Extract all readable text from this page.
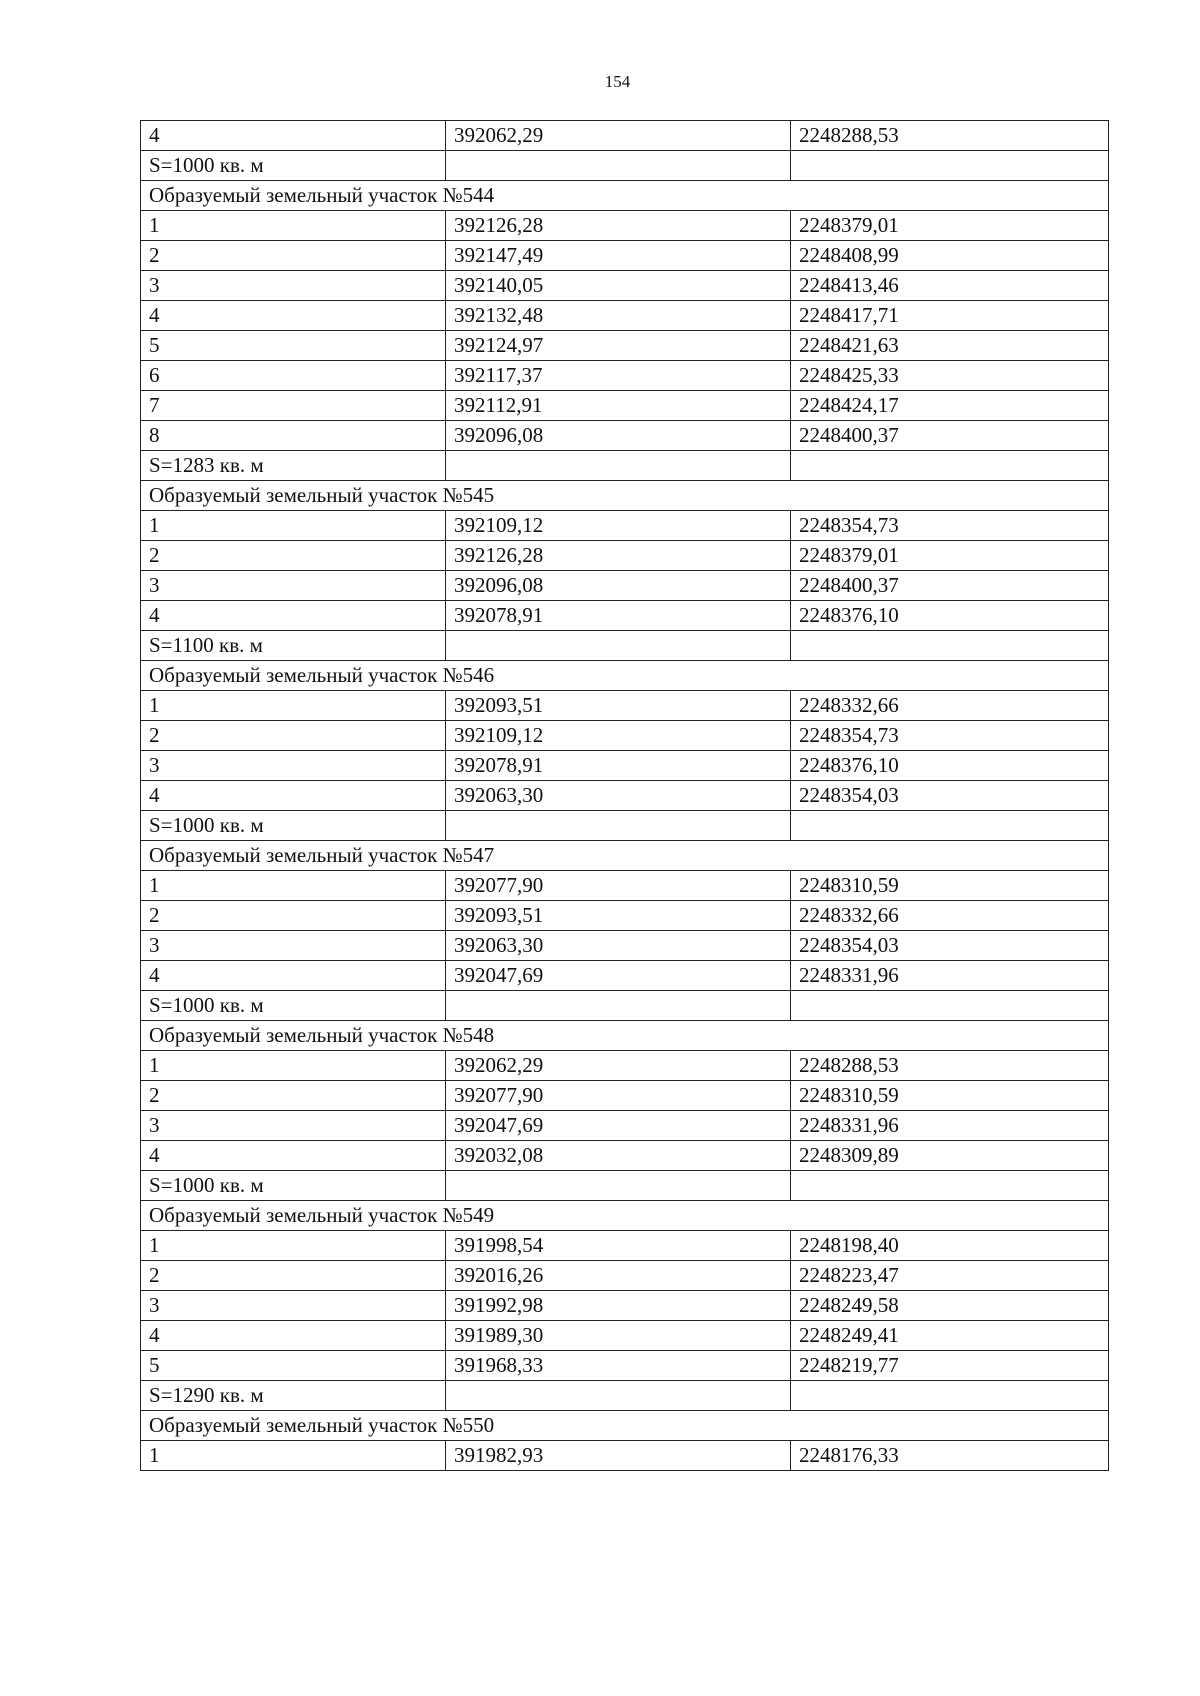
154
4	392062,29	2248288,53
S=1000 кв. м		
Образуемый земельный участок №544		
1	392126,28	2248379,01
2	392147,49	2248408,99
3	392140,05	2248413,46
4	392132,48	2248417,71
5	392124,97	2248421,63
6	392117,37	2248425,33
7	392112,91	2248424,17
8	392096,08	2248400,37
S=1283 кв. м		
Образуемый земельный участок №545		
1	392109,12	2248354,73
2	392126,28	2248379,01
3	392096,08	2248400,37
4	392078,91	2248376,10
S=1100 кв. м		
Образуемый земельный участок №546		
1	392093,51	2248332,66
2	392109,12	2248354,73
3	392078,91	2248376,10
4	392063,30	2248354,03
S=1000 кв. м		
Образуемый земельный участок №547		
1	392077,90	2248310,59
2	392093,51	2248332,66
3	392063,30	2248354,03
4	392047,69	2248331,96
S=1000 кв. м		
Образуемый земельный участок №548		
1	392062,29	2248288,53
2	392077,90	2248310,59
3	392047,69	2248331,96
4	392032,08	2248309,89
S=1000 кв. м		
Образуемый земельный участок №549		
1	391998,54	2248198,40
2	392016,26	2248223,47
3	391992,98	2248249,58
4	391989,30	2248249,41
5	391968,33	2248219,77
S=1290 кв. м		
Образуемый земельный участок №550		
1	391982,93	2248176,33
